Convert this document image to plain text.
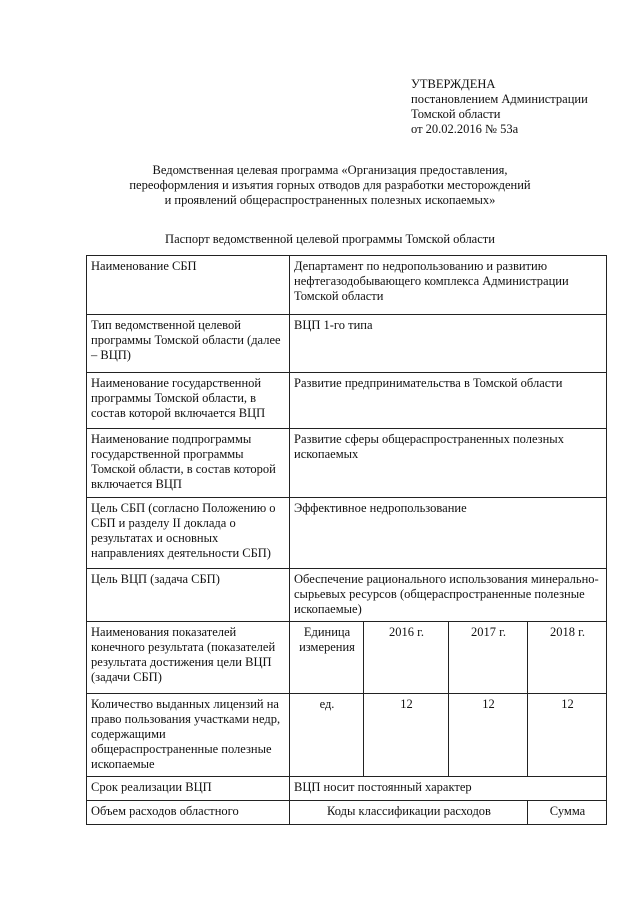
УТВЕРЖДЕНА
постановлением Администрации
Томской области
от 20.02.2016 № 53а
Ведомственная целевая программа «Организация предоставления,
переоформления и изъятия горных отводов для разработки месторождений
и проявлений общераспространенных полезных ископаемых»
Паспорт ведомственной целевой программы Томской области
Наименование СБП	Департамент по недропользованию и развитию нефтегазодобывающего комплекса Администрации Томской области			
Тип ведомственной целевой программы Томской области (далее – ВЦП)	ВЦП 1-го типа			
Наименование государственной программы Томской области, в состав которой включается ВЦП	Развитие предпринимательства в Томской области			
Наименование подпрограммы государственной программы Томской области, в состав которой включается ВЦП	Развитие сферы общераспространенных полезных ископаемых			
Цель СБП (согласно Положению о СБП и разделу II доклада о результатах и основных направлениях деятельности СБП)	Эффективное недропользование			
Цель ВЦП (задача СБП)	Обеспечение рационального использования минерально-сырьевых ресурсов (общераспространенные полезные ископаемые)			
Наименования показателей конечного результата (показателей результата достижения цели ВЦП (задачи СБП)	Единица измерения	2016 г.	2017 г.	2018 г.
Количество выданных лицензий на право пользования участками недр, содержащими общераспространенные полезные ископаемые	ед.	12	12	12
Срок реализации ВЦП	ВЦП носит постоянный характер			
Объем расходов областного	Коды классификации расходов			Сумма
